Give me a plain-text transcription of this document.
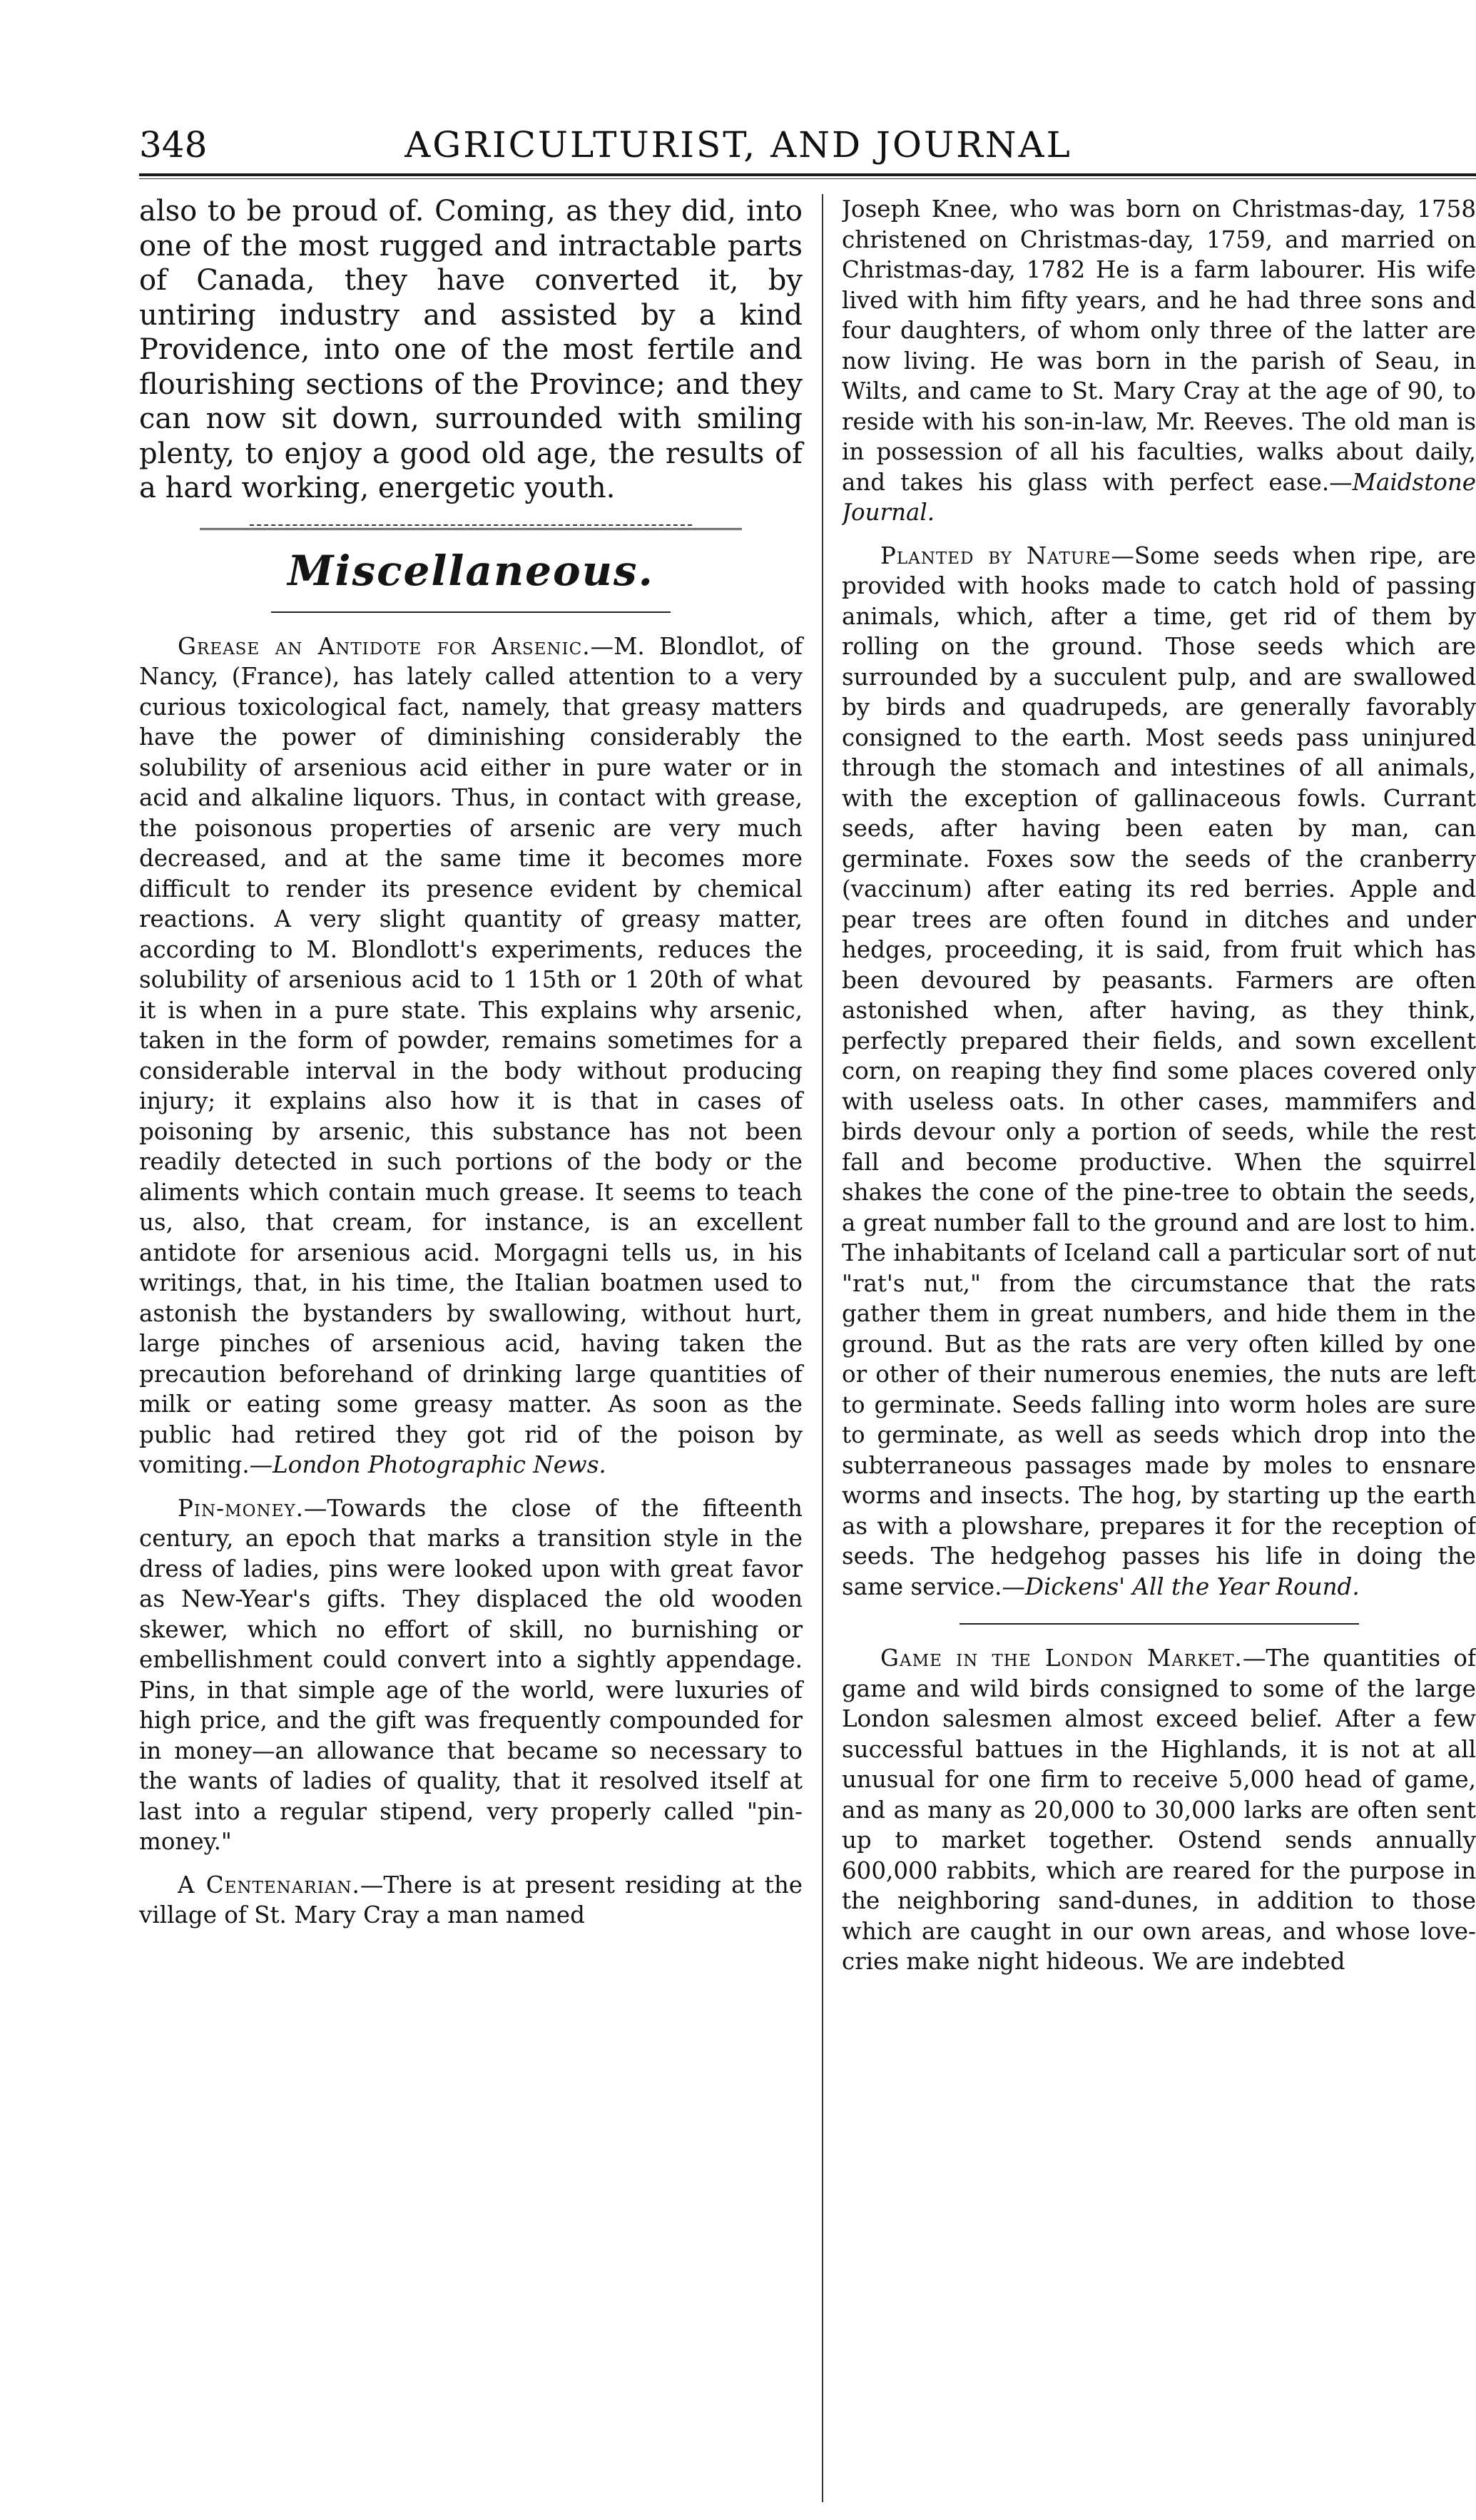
348	AGRICULTURIST, AND JOURNAL

also to be proud of. Coming, as they did, into one of the most rugged and intractable parts of Canada, they have converted it, by untiring industry and assisted by a kind Providence, into one of the most fertile and flourishing sections of the Province; and they can now sit down, surrounded with smiling plenty, to enjoy a good old age, the results of a hard working, energetic youth.

Miscellaneous.

Grease an Antidote for Arsenic.—M. Blondlot, of Nancy, (France), has lately called attention to a very curious toxicological fact, namely, that greasy matters have the power of diminishing considerably the solubility of arsenious acid either in pure water or in acid and alkaline liquors. Thus, in contact with grease, the poisonous properties of arsenic are very much decreased, and at the same time it becomes more difficult to render its presence evident by chemical reactions. A very slight quantity of greasy matter, according to M. Blondlott's experiments, reduces the solubility of arsenious acid to 1 15th or 1 20th of what it is when in a pure state. This explains why arsenic, taken in the form of powder, remains sometimes for a considerable interval in the body without producing injury; it explains also how it is that in cases of poisoning by arsenic, this substance has not been readily detected in such portions of the body or the aliments which contain much grease. It seems to teach us, also, that cream, for instance, is an excellent antidote for arsenious acid. Morgagni tells us, in his writings, that, in his time, the Italian boatmen used to astonish the bystanders by swallowing, without hurt, large pinches of arsenious acid, having taken the precaution beforehand of drinking large quantities of milk or eating some greasy matter. As soon as the public had retired they got rid of the poison by vomiting.—London Photographic News.

Pin-money.—Towards the close of the fifteenth century, an epoch that marks a transition style in the dress of ladies, pins were looked upon with great favor as New-Year's gifts. They displaced the old wooden skewer, which no effort of skill, no burnishing or embellishment could convert into a sightly appendage. Pins, in that simple age of the world, were luxuries of high price, and the gift was frequently compounded for in money—an allowance that became so necessary to the wants of ladies of quality, that it resolved itself at last into a regular stipend, very properly called "pin-money."

A Centenarian.—There is at present residing at the village of St. Mary Cray a man named

Joseph Knee, who was born on Christmas-day, 1758 christened on Christmas-day, 1759, and married on Christmas-day, 1782 He is a farm labourer. His wife lived with him fifty years, and he had three sons and four daughters, of whom only three of the latter are now living. He was born in the parish of Seau, in Wilts, and came to St. Mary Cray at the age of 90, to reside with his son-in-law, Mr. Reeves. The old man is in possession of all his faculties, walks about daily, and takes his glass with perfect ease.—Maidstone Journal.

Planted by Nature—Some seeds when ripe, are provided with hooks made to catch hold of passing animals, which, after a time, get rid of them by rolling on the ground. Those seeds which are surrounded by a succulent pulp, and are swallowed by birds and quadrupeds, are generally favorably consigned to the earth. Most seeds pass uninjured through the stomach and intestines of all animals, with the exception of gallinaceous fowls. Currant seeds, after having been eaten by man, can germinate. Foxes sow the seeds of the cranberry (vaccinum) after eating its red berries. Apple and pear trees are often found in ditches and under hedges, proceeding, it is said, from fruit which has been devoured by peasants. Farmers are often astonished when, after having, as they think, perfectly prepared their fields, and sown excellent corn, on reaping they find some places covered only with useless oats. In other cases, mammifers and birds devour only a portion of seeds, while the rest fall and become productive. When the squirrel shakes the cone of the pine-tree to obtain the seeds, a great number fall to the ground and are lost to him. The inhabitants of Iceland call a particular sort of nut "rat's nut," from the circumstance that the rats gather them in great numbers, and hide them in the ground. But as the rats are very often killed by one or other of their numerous enemies, the nuts are left to germinate. Seeds falling into worm holes are sure to germinate, as well as seeds which drop into the subterraneous passages made by moles to ensnare worms and insects. The hog, by starting up the earth as with a plowshare, prepares it for the reception of seeds. The hedgehog passes his life in doing the same service.—Dickens' All the Year Round.

Game in the London Market.—The quantities of game and wild birds consigned to some of the large London salesmen almost exceed belief. After a few successful battues in the Highlands, it is not at all unusual for one firm to receive 5,000 head of game, and as many as 20,000 to 30,000 larks are often sent up to market together. Ostend sends annually 600,000 rabbits, which are reared for the purpose in the neighboring sand-dunes, in addition to those which are caught in our own areas, and whose love-cries make night hideous. We are indebted
